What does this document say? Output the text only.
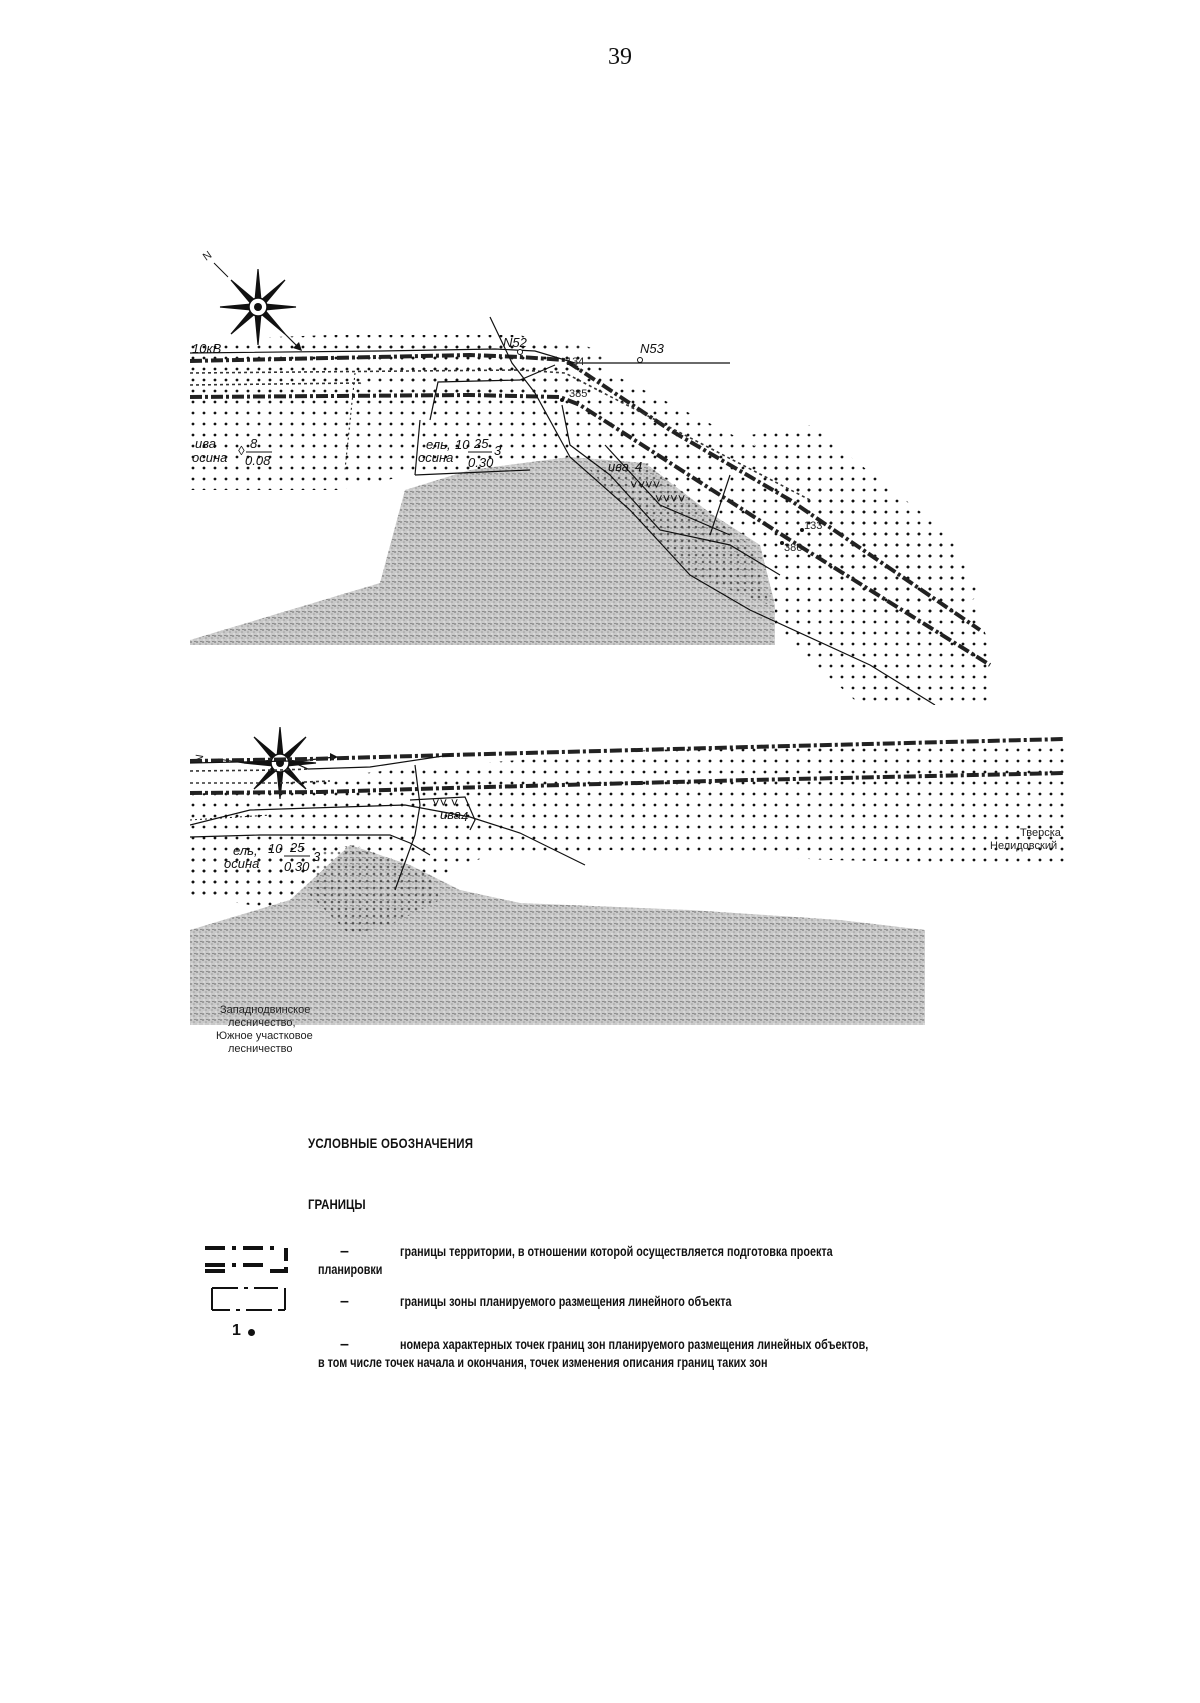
39
N
10кВ	N52	N53
134
385
133
386
ива
осина ◊ 8
0.08
ель,
осина
10 25
0.30
3
ива 4
˅˅˅˅
˅˅˅˅
N
ива 4
˅˅ ˅
ель,
осина
10 25
0.30
3
Западнодвинское
лесничество,
Южное участковое
лесничество
Тверска
Нелидовский
УСЛОВНЫЕ ОБОЗНАЧЕНИЯ
ГРАНИЦЫ
–	границы территории, в отношении которой осуществляется подготовка проекта
планировки
–	границы зоны планируемого размещения линейного объекта
1
–	номера характерных точек границ зон планируемого размещения линейных объектов,
в том числе точек начала и окончания, точек изменения описания границ таких зон
